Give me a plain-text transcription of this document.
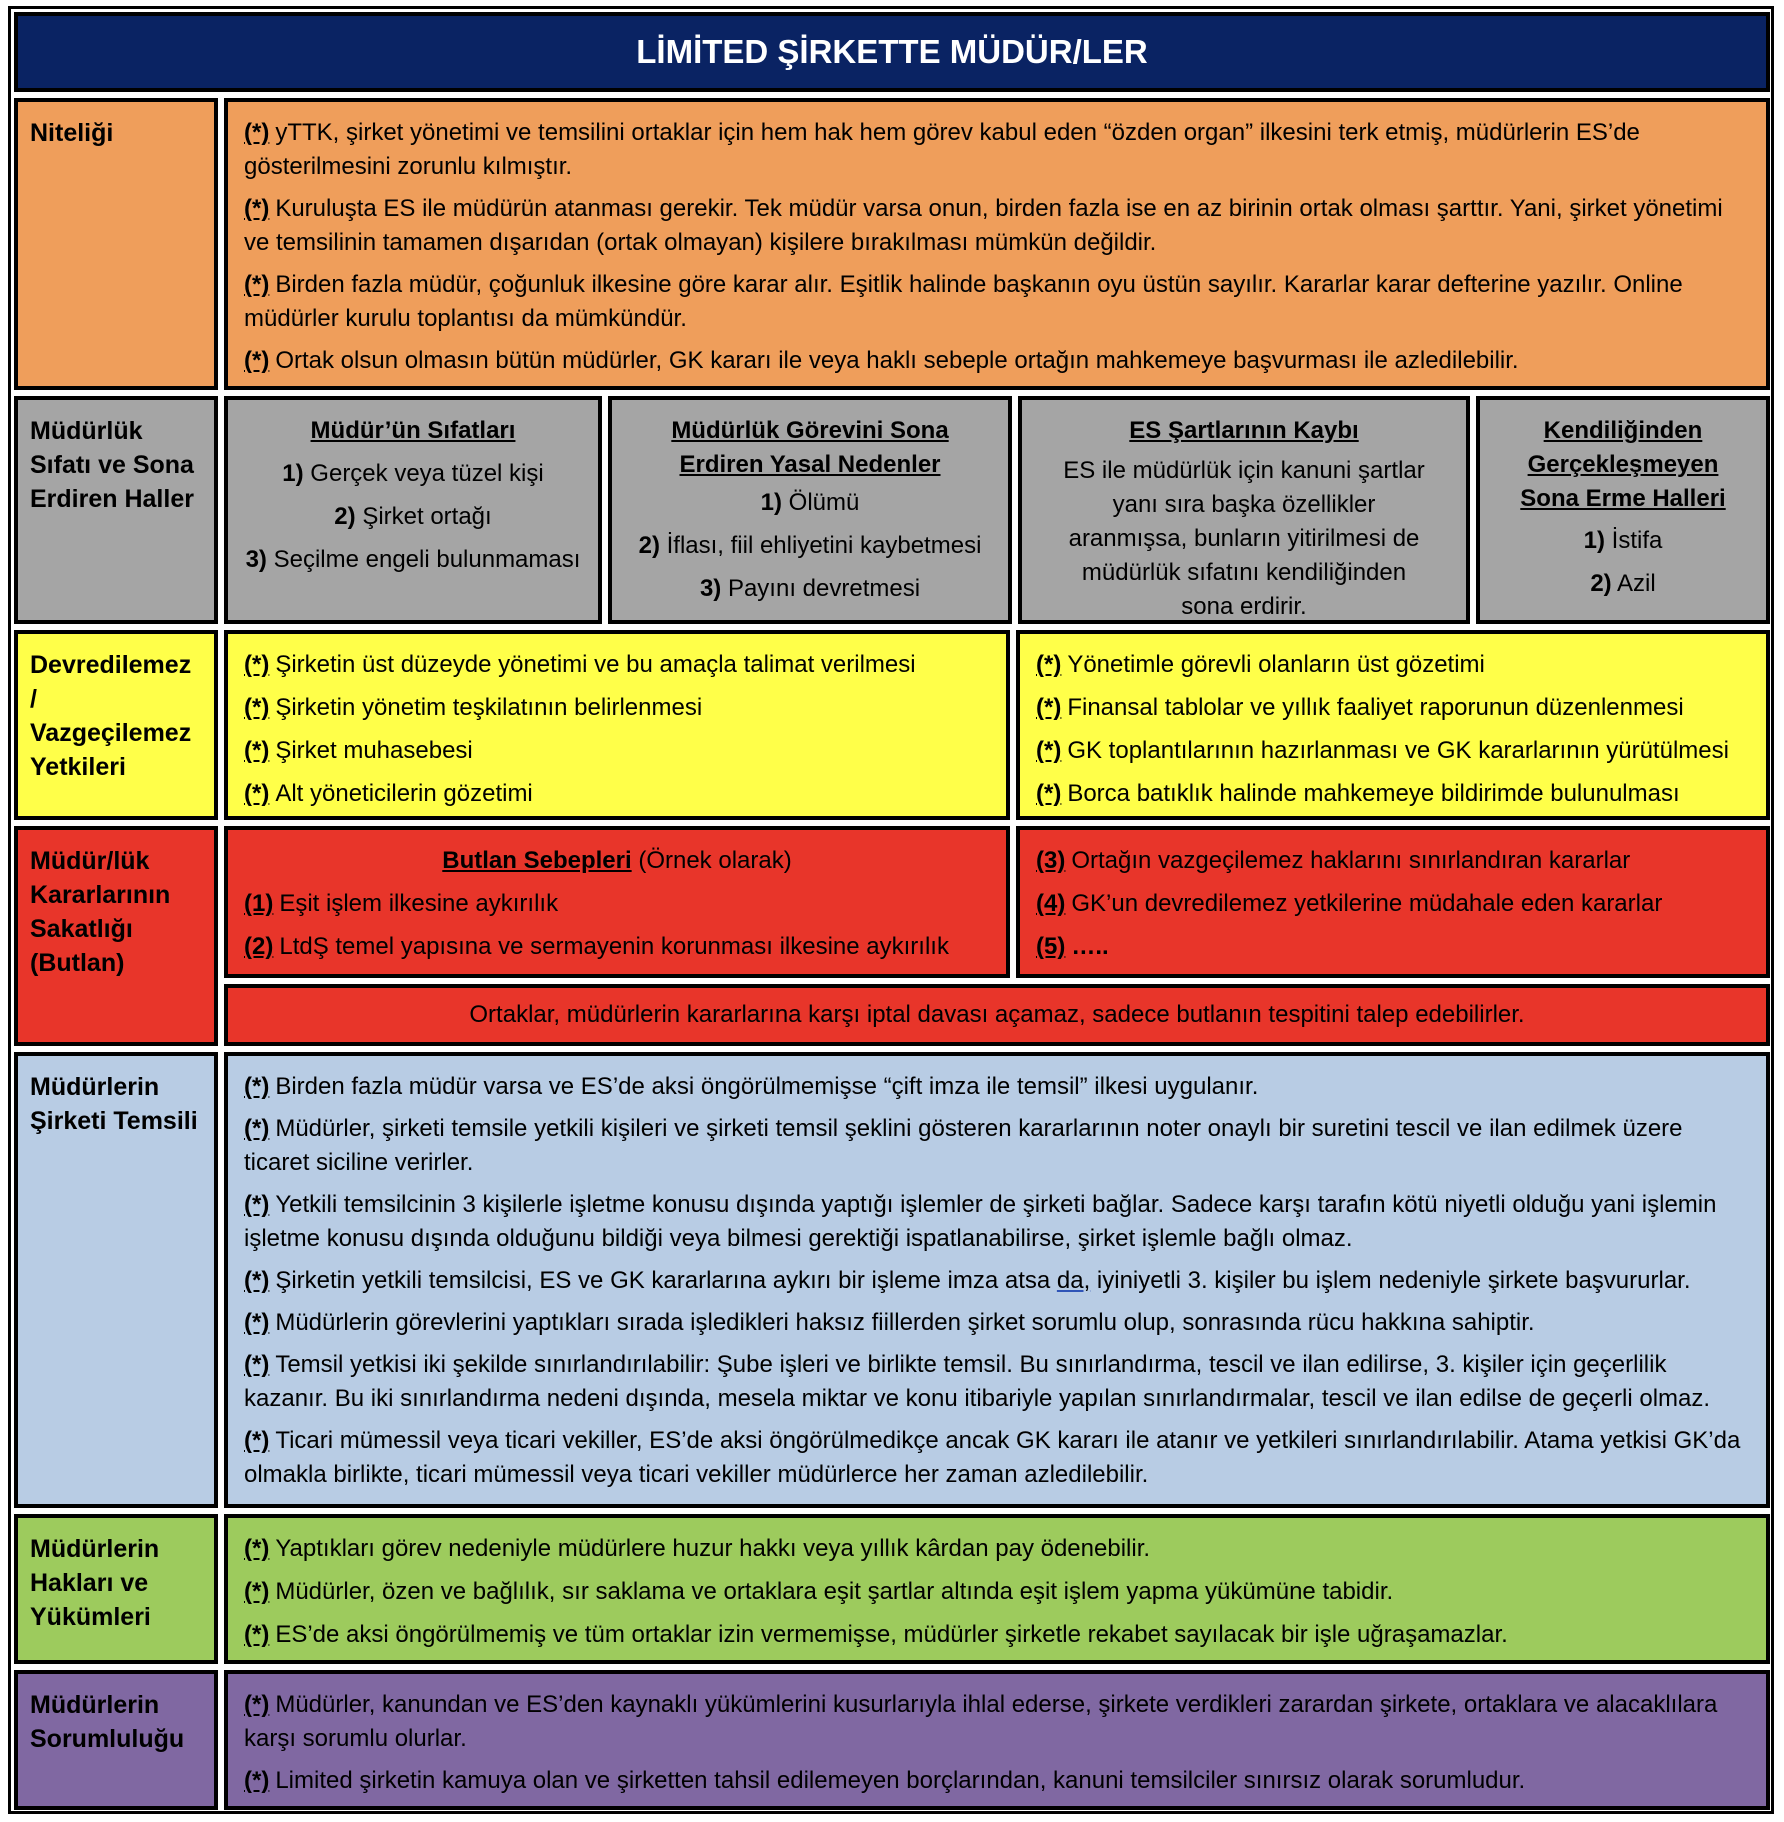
LİMİTED ŞİRKETTE MÜDÜR/LER
Niteliği	(*) yTTK, şirket yönetimi ve temsilini ortaklar için hem hak hem görev kabul eden “özden organ” ilkesini terk etmiş, müdürlerin ES’de gösterilmesini zorunlu kılmıştır.

(*) Kuruluşta ES ile müdürün atanması gerekir. Tek müdür varsa onun, birden fazla ise en az birinin ortak olması şarttır. Yani, şirket yönetimi ve temsilinin tamamen dışarıdan (ortak olmayan) kişilere bırakılması mümkün değildir.

(*) Birden fazla müdür, çoğunluk ilkesine göre karar alır. Eşitlik halinde başkanın oyu üstün sayılır. Kararlar karar defterine yazılır. Online müdürler kurulu toplantısı da mümkündür.

(*) Ortak olsun olmasın bütün müdürler, GK kararı ile veya haklı sebeple ortağın mahkemeye başvurması ile azledilebilir.

Müdürlük Sıfatı ve Sona Erdiren Haller
Müdür’ün Sıfatları
1) Gerçek veya tüzel kişi
2) Şirket ortağı
3) Seçilme engeli bulunmaması
Müdürlük Görevini Sona Erdiren Yasal Nedenler
1) Ölümü
2) İflası, fiil ehliyetini kaybetmesi
3) Payını devretmesi
ES Şartlarının Kaybı
ES ile müdürlük için kanuni şartlar yanı sıra başka özellikler aranmışsa, bunların yitirilmesi de müdürlük sıfatını kendiliğinden sona erdirir.
Kendiliğinden Gerçekleşmeyen Sona Erme Halleri
1) İstifa
2) Azil
Devredilemez / Vazgeçilemez Yetkileri
(*) Şirketin üst düzeyde yönetimi ve bu amaçla talimat verilmesi
(*) Şirketin yönetim teşkilatının belirlenmesi
(*) Şirket muhasebesi
(*) Alt yöneticilerin gözetimi
(*) Yönetimle görevli olanların üst gözetimi
(*) Finansal tablolar ve yıllık faaliyet raporunun düzenlenmesi
(*) GK toplantılarının hazırlanması ve GK kararlarının yürütülmesi
(*) Borca batıklık halinde mahkemeye bildirimde bulunulması
Müdür/lük Kararlarının Sakatlığı (Butlan)
Butlan Sebepleri (Örnek olarak)
(1) Eşit işlem ilkesine aykırılık
(2) LtdŞ temel yapısına ve sermayenin korunması ilkesine aykırılık
(3) Ortağın vazgeçilemez haklarını sınırlandıran kararlar
(4) GK’un devredilemez yetkilerine müdahale eden kararlar
(5) …..
Ortaklar, müdürlerin kararlarına karşı iptal davası açamaz, sadece butlanın tespitini talep edebilirler.
Müdürlerin Şirketi Temsili

(*) Birden fazla müdür varsa ve ES’de aksi öngörülmemişse “çift imza ile temsil” ilkesi uygulanır.

(*) Müdürler, şirketi temsile yetkili kişileri ve şirketi temsil şeklini gösteren kararlarının noter onaylı bir suretini tescil ve ilan edilmek üzere ticaret siciline verirler.

(*) Yetkili temsilcinin 3 kişilerle işletme konusu dışında yaptığı işlemler de şirketi bağlar. Sadece karşı tarafın kötü niyetli olduğu yani işlemin işletme konusu dışında olduğunu bildiği veya bilmesi gerektiği ispatlanabilirse, şirket işlemle bağlı olmaz.

(*) Şirketin yetkili temsilcisi, ES ve GK kararlarına aykırı bir işleme imza atsa da, iyiniyetli 3. kişiler bu işlem nedeniyle şirkete başvururlar.

(*) Müdürlerin görevlerini yaptıkları sırada işledikleri haksız fiillerden şirket sorumlu olup, sonrasında rücu hakkına sahiptir.

(*) Temsil yetkisi iki şekilde sınırlandırılabilir: Şube işleri ve birlikte temsil. Bu sınırlandırma, tescil ve ilan edilirse, 3. kişiler için geçerlilik kazanır. Bu iki sınırlandırma nedeni dışında, mesela miktar ve konu itibariyle yapılan sınırlandırmalar, tescil ve ilan edilse de geçerli olmaz.

(*) Ticari mümessil veya ticari vekiller, ES’de aksi öngörülmedikçe ancak GK kararı ile atanır ve yetkileri sınırlandırılabilir. Atama yetkisi GK’da olmakla birlikte, ticari mümessil veya ticari vekiller müdürlerce her zaman azledilebilir.

Müdürlerin Hakları ve Yükümleri
(*) Yaptıkları görev nedeniyle müdürlere huzur hakkı veya yıllık kârdan pay ödenebilir.
(*) Müdürler, özen ve bağlılık, sır saklama ve ortaklara eşit şartlar altında eşit işlem yapma yükümüne tabidir.
(*) ES’de aksi öngörülmemiş ve tüm ortaklar izin vermemişse, müdürler şirketle rekabet sayılacak bir işle uğraşamazlar.
Müdürlerin Sorumluluğu

(*) Müdürler, kanundan ve ES’den kaynaklı yükümlerini kusurlarıyla ihlal ederse, şirkete verdikleri zarardan şirkete, ortaklara ve alacaklılara karşı sorumlu olurlar.

(*) Limited şirketin kamuya olan ve şirketten tahsil edilemeyen borçlarından, kanuni temsilciler sınırsız olarak sorumludur.
